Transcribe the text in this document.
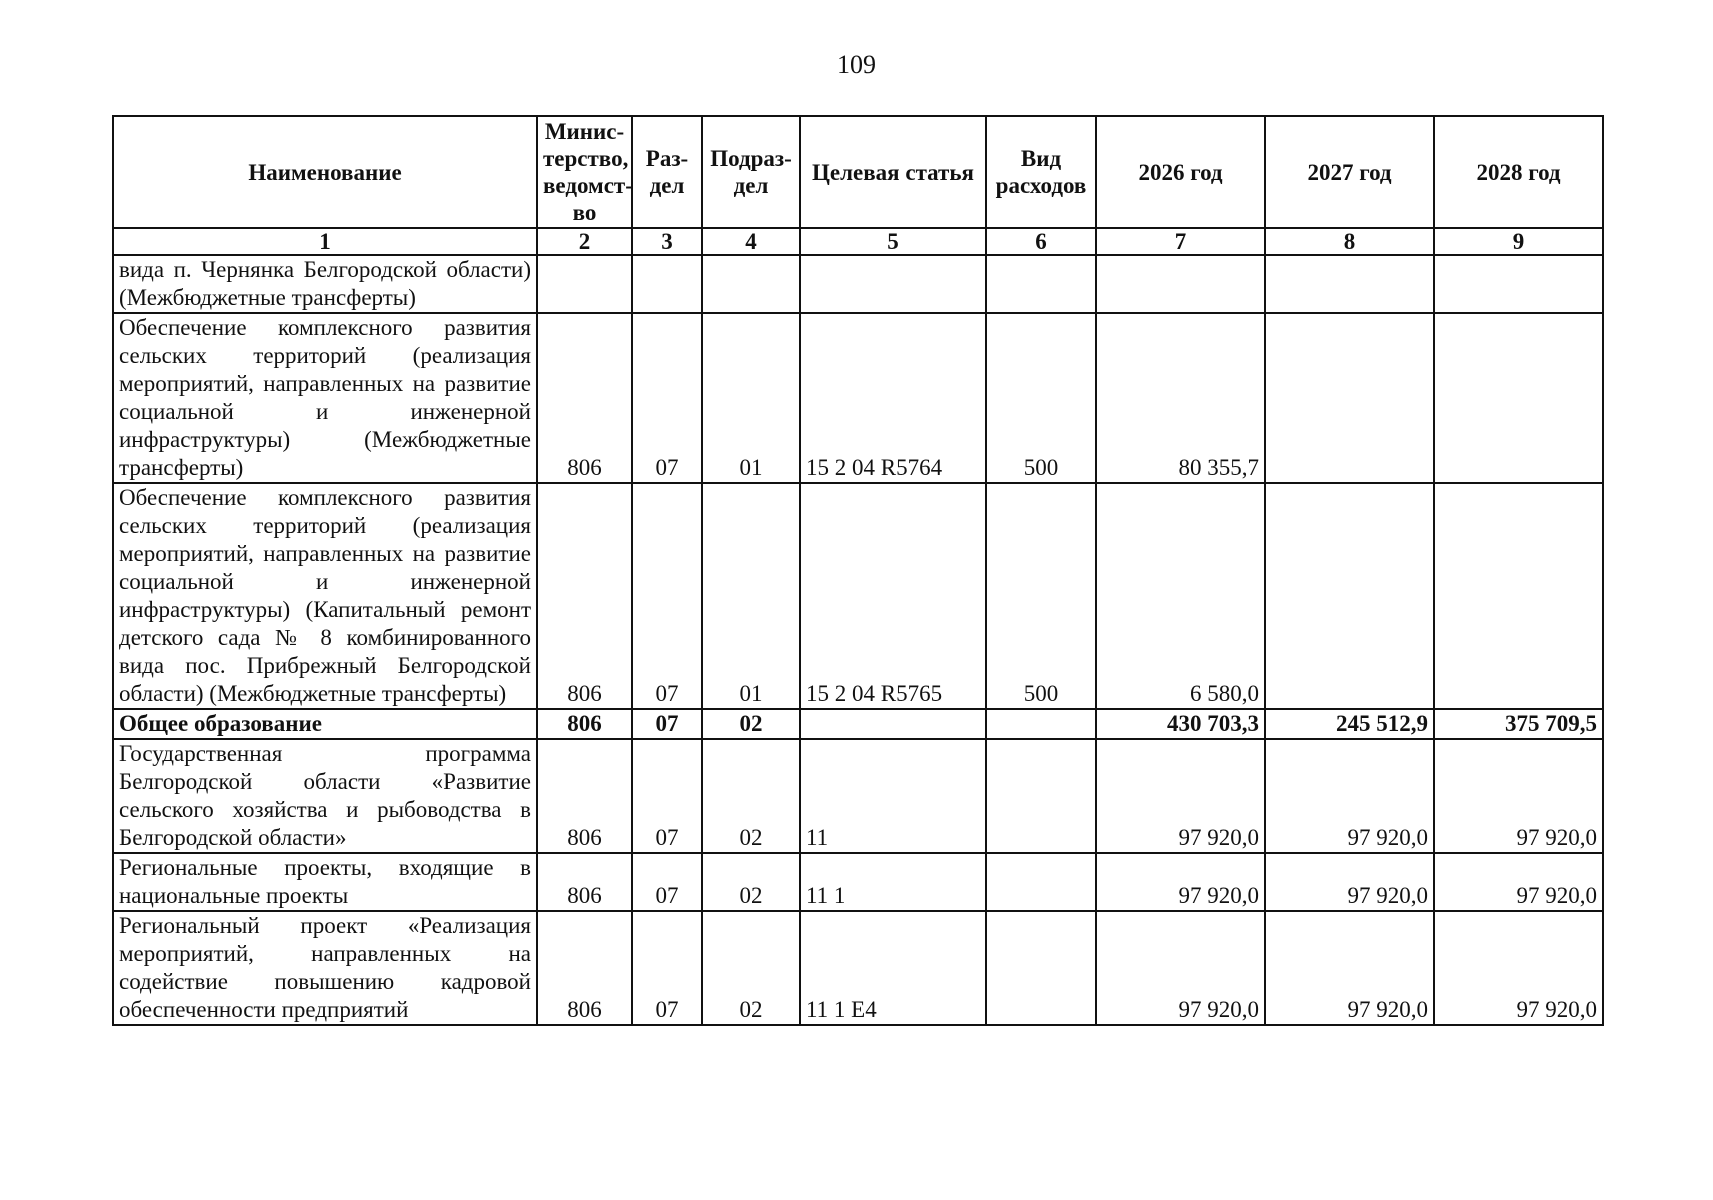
109
Наименование	Минис-терство, ведомст-во	Раз-дел	Подраз-дел	Целевая статья	Вид расходов	2026 год	2027 год	2028 год
1	2	3	4	5	6	7	8	9
вида п. Чернянка Белгородской области) (Межбюджетные трансферты)								
Обеспечение комплексного развития сельских территорий (реализация мероприятий, направленных на развитие социальной и инженерной инфраструктуры) (Межбюджетные трансферты)	806	07	01	15 2 04 R5764	500	80 355,7		
Обеспечение комплексного развития сельских территорий (реализация мероприятий, направленных на развитие социальной и инженерной инфраструктуры) (Капитальный ремонт детского сада № 8 комбинированного вида пос. Прибрежный Белгородской области) (Межбюджетные трансферты)	806	07	01	15 2 04 R5765	500	6 580,0		
Общее образование	806	07	02			430 703,3	245 512,9	375 709,5
Государственная программа Белгородской области «Развитие сельского хозяйства и рыбоводства в Белгородской области»	806	07	02	11		97 920,0	97 920,0	97 920,0
Региональные проекты, входящие в национальные проекты	806	07	02	11 1		97 920,0	97 920,0	97 920,0
Региональный проект «Реализация мероприятий, направленных на содействие повышению кадровой обеспеченности предприятий	806	07	02	11 1 E4		97 920,0	97 920,0	97 920,0
